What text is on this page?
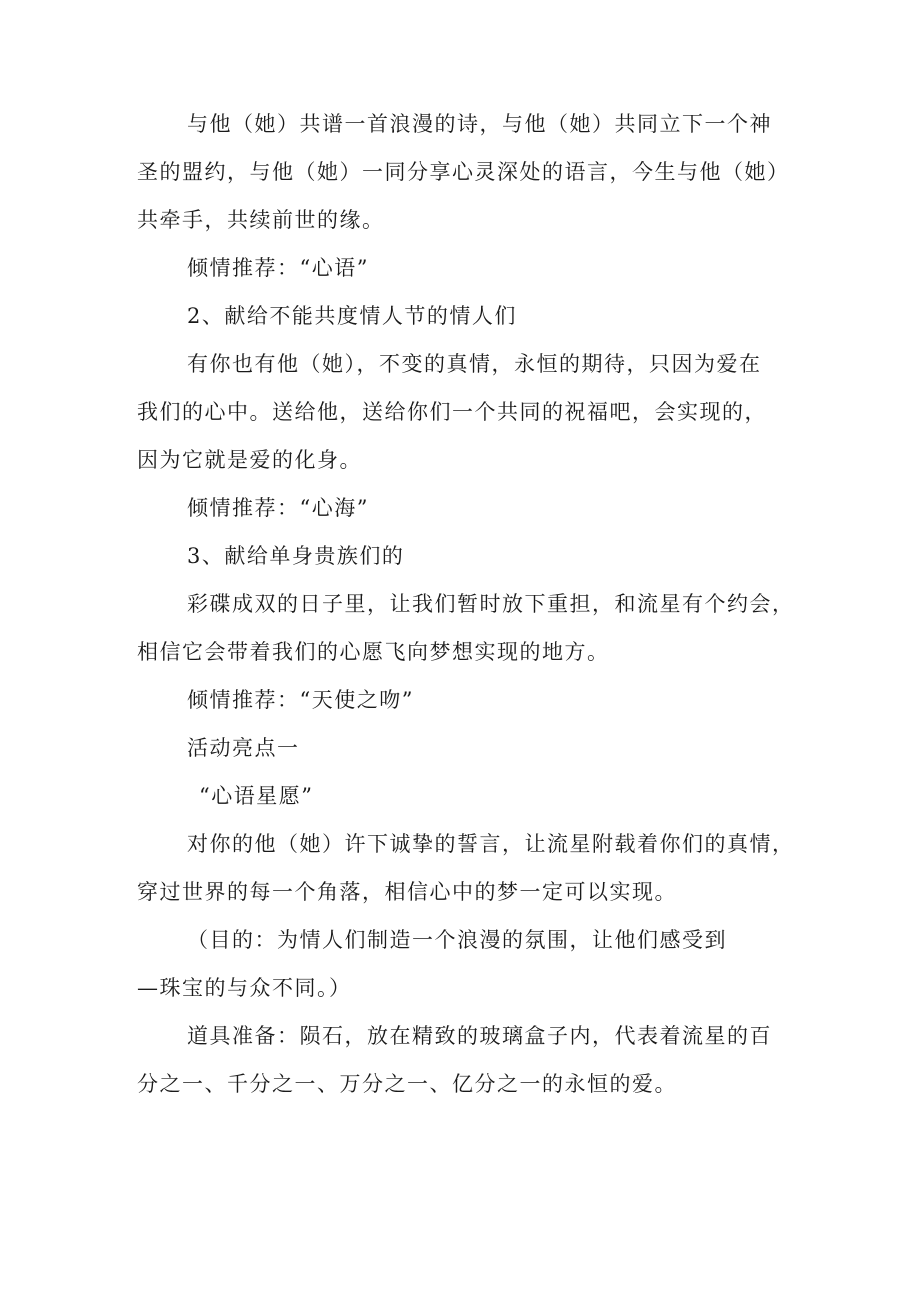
与他（她）共谱一首浪漫的诗，与他（她）共同立下一个神
圣的盟约，与他（她）一同分享心灵深处的语言，今生与他（她）
共牵手，共续前世的缘。

倾情推荐：“心语”

2、献给不能共度情人节的情人们

有你也有他（她），不变的真情，永恒的期待，只因为爱在
我们的心中。送给他，送给你们一个共同的祝福吧，会实现的，
因为它就是爱的化身。

倾情推荐：“心海”

3、献给单身贵族们的

彩碟成双的日子里，让我们暂时放下重担，和流星有个约会，
相信它会带着我们的心愿飞向梦想实现的地方。

倾情推荐：“天使之吻”

活动亮点一

“心语星愿”

对你的他（她）许下诚挚的誓言，让流星附载着你们的真情，
穿过世界的每一个角落，相信心中的梦一定可以实现。

（目的：为情人们制造一个浪漫的氛围，让他们感受到
—珠宝的与众不同。）

道具准备：陨石，放在精致的玻璃盒子内，代表着流星的百
分之一、千分之一、万分之一、亿分之一的永恒的爱。
